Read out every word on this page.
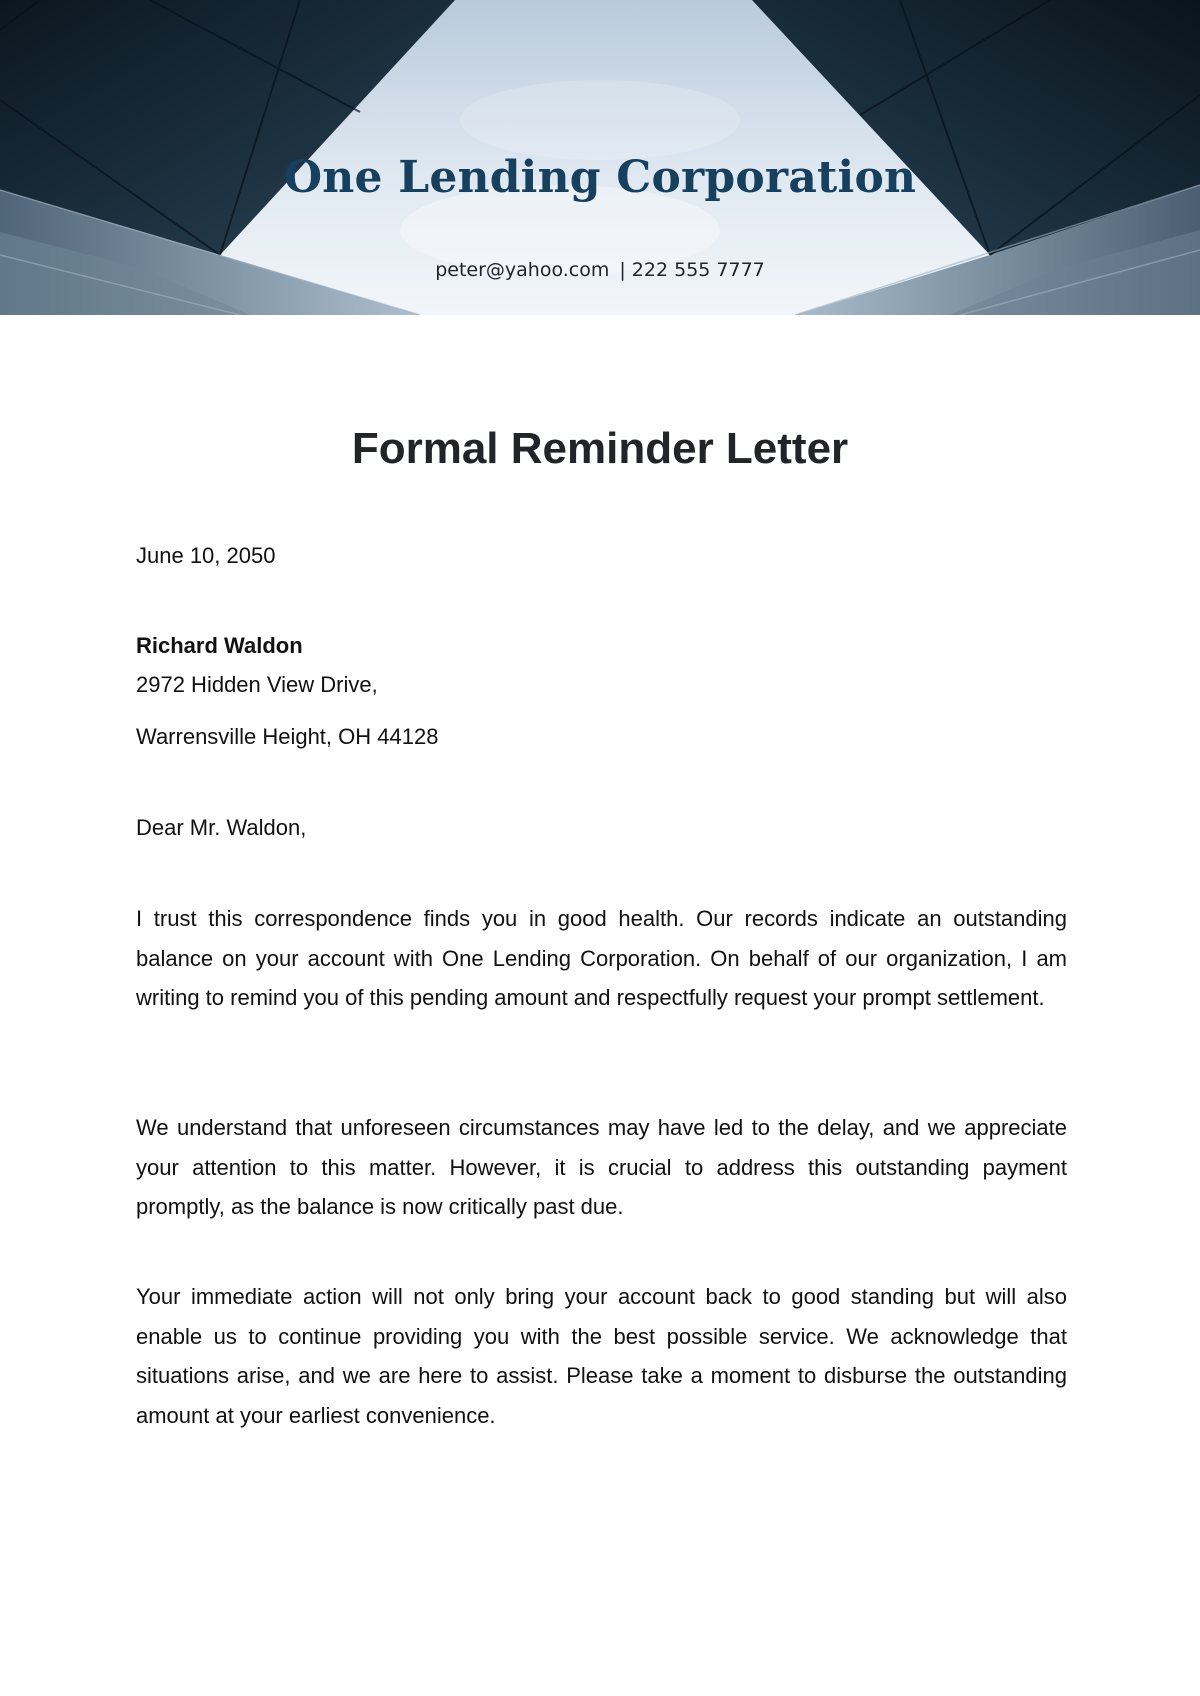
One Lending Corporation
peter@yahoo.com | 222 555 7777
Formal Reminder Letter
June 10, 2050
Richard Waldon
2972 Hidden View Drive,
Warrensville Height, OH 44128
Dear Mr. Waldon,

I trust this correspondence finds you in good health. Our records indicate an outstanding balance on your account with One Lending Corporation. On behalf of our organization, I am writing to remind you of this pending amount and respectfully request your prompt settlement.

We understand that unforeseen circumstances may have led to the delay, and we appreciate your attention to this matter. However, it is crucial to address this outstanding payment promptly, as the balance is now critically past due.

Your immediate action will not only bring your account back to good standing but will also enable us to continue providing you with the best possible service. We acknowledge that situations arise, and we are here to assist. Please take a moment to disburse the outstanding amount at your earliest convenience.
